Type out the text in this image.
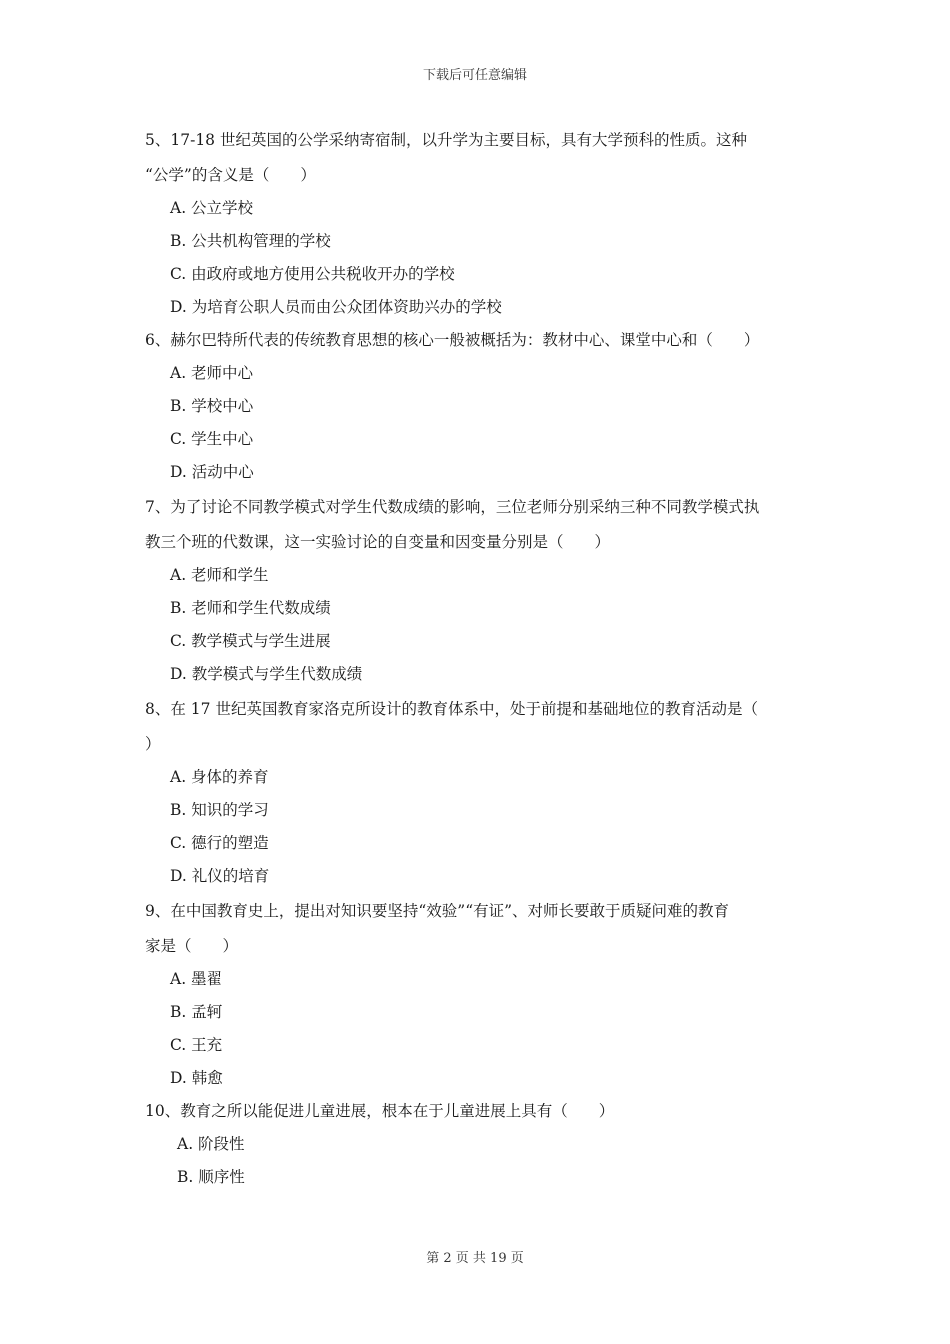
下载后可任意编辑
5、17-18 世纪英国的公学采纳寄宿制，以升学为主要目标，具有大学预科的性质。这种
“公学”的含义是（　　）
A. 公立学校
B. 公共机构管理的学校
C. 由政府或地方使用公共税收开办的学校
D. 为培育公职人员而由公众团体资助兴办的学校
6、赫尔巴特所代表的传统教育思想的核心一般被概括为：教材中心、课堂中心和（　　）
A. 老师中心
B. 学校中心
C. 学生中心
D. 活动中心
7、为了讨论不同教学模式对学生代数成绩的影响，三位老师分别采纳三种不同教学模式执
教三个班的代数课，这一实验讨论的自变量和因变量分别是（　　）
A. 老师和学生
B. 老师和学生代数成绩
C. 教学模式与学生进展
D. 教学模式与学生代数成绩
8、在 17 世纪英国教育家洛克所设计的教育体系中，处于前提和基础地位的教育活动是（
）
A. 身体的养育
B. 知识的学习
C. 德行的塑造
D. 礼仪的培育
9、在中国教育史上，提出对知识要坚持“效验”“有证”、对师长要敢于质疑问难的教育
家是（　　）
A. 墨翟
B. 孟轲
C. 王充
D. 韩愈
10、教育之所以能促进儿童进展，根本在于儿童进展上具有（　　）
A. 阶段性
B. 顺序性
第 2 页 共 19 页
